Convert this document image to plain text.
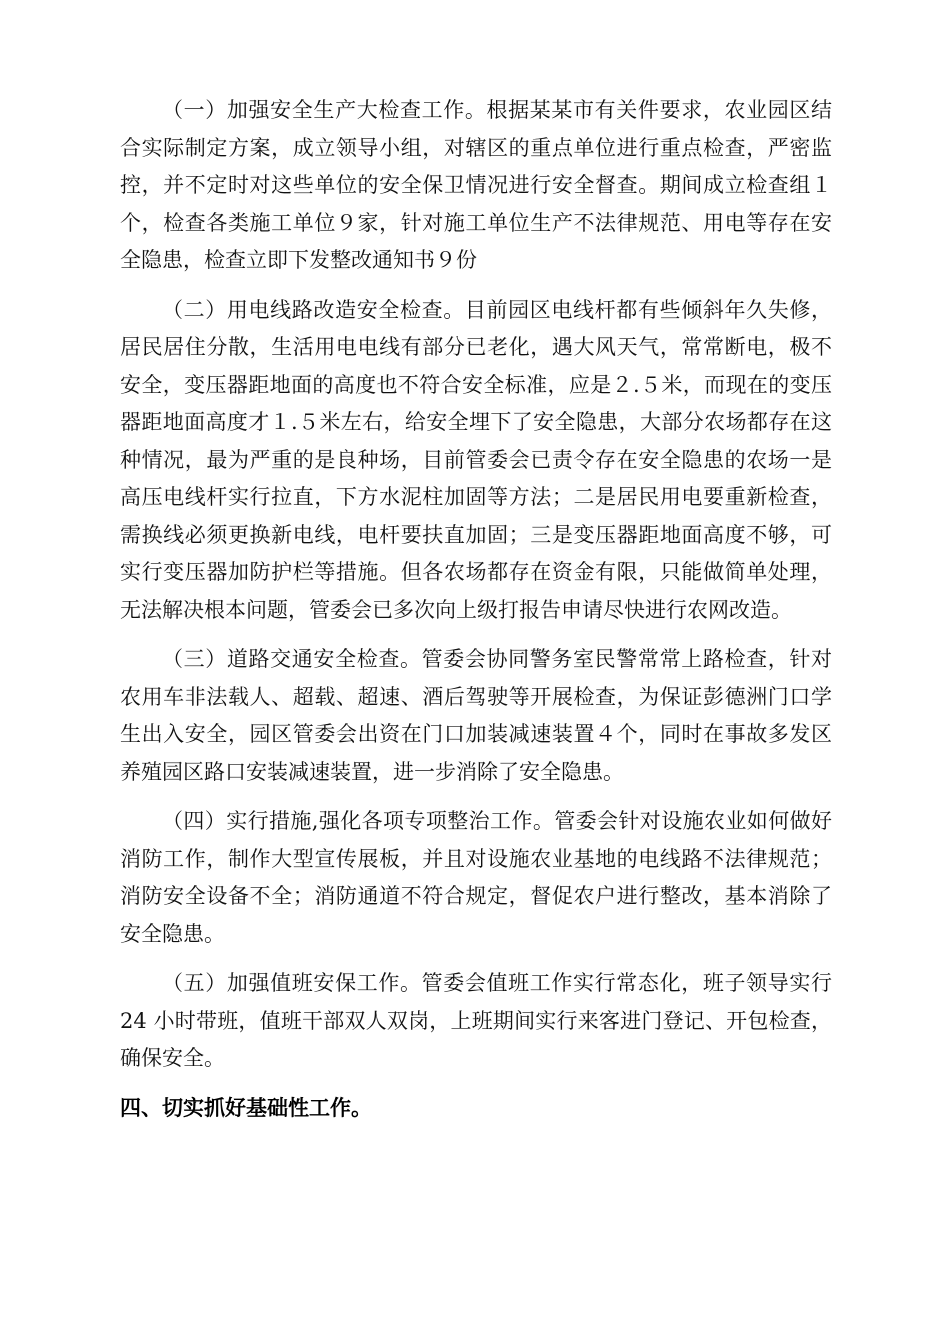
（一）加强安全生产大检查工作。根据某某市有关件要求，农业园区结合实际制定方案，成立领导小组，对辖区的重点单位进行重点检查，严密监控，并不定时对这些单位的安全保卫情况进行安全督查。期间成立检查组１个，检查各类施工单位９家，针对施工单位生产不法律规范、用电等存在安全隐患，检查立即下发整改通知书９份

（二）用电线路改造安全检查。目前园区电线杆都有些倾斜年久失修，居民居住分散，生活用电电线有部分已老化，遇大风天气，常常断电，极不安全，变压器距地面的高度也不符合安全标准，应是２.５米，而现在的变压器距地面高度才１.５米左右，给安全埋下了安全隐患，大部分农场都存在这种情况，最为严重的是良种场，目前管委会已责令存在安全隐患的农场一是高压电线杆实行拉直，下方水泥柱加固等方法；二是居民用电要重新检查，需换线必须更换新电线，电杆要扶直加固；三是变压器距地面高度不够，可实行变压器加防护栏等措施。但各农场都存在资金有限，只能做简单处理，无法解决根本问题，管委会已多次向上级打报告申请尽快进行农网改造。

（三）道路交通安全检查。管委会协同警务室民警常常上路检查，针对农用车非法载人、超载、超速、酒后驾驶等开展检查，为保证彭德洲门口学生出入安全，园区管委会出资在门口加装减速装置４个，同时在事故多发区养殖园区路口安装减速装置，进一步消除了安全隐患。

（四）实行措施,强化各项专项整治工作。管委会针对设施农业如何做好消防工作，制作大型宣传展板，并且对设施农业基地的电线路不法律规范；消防安全设备不全；消防通道不符合规定，督促农户进行整改，基本消除了安全隐患。

（五）加强值班安保工作。管委会值班工作实行常态化，班子领导实行 24 小时带班，值班干部双人双岗，上班期间实行来客进门登记、开包检查，确保安全。

四、切实抓好基础性工作。
